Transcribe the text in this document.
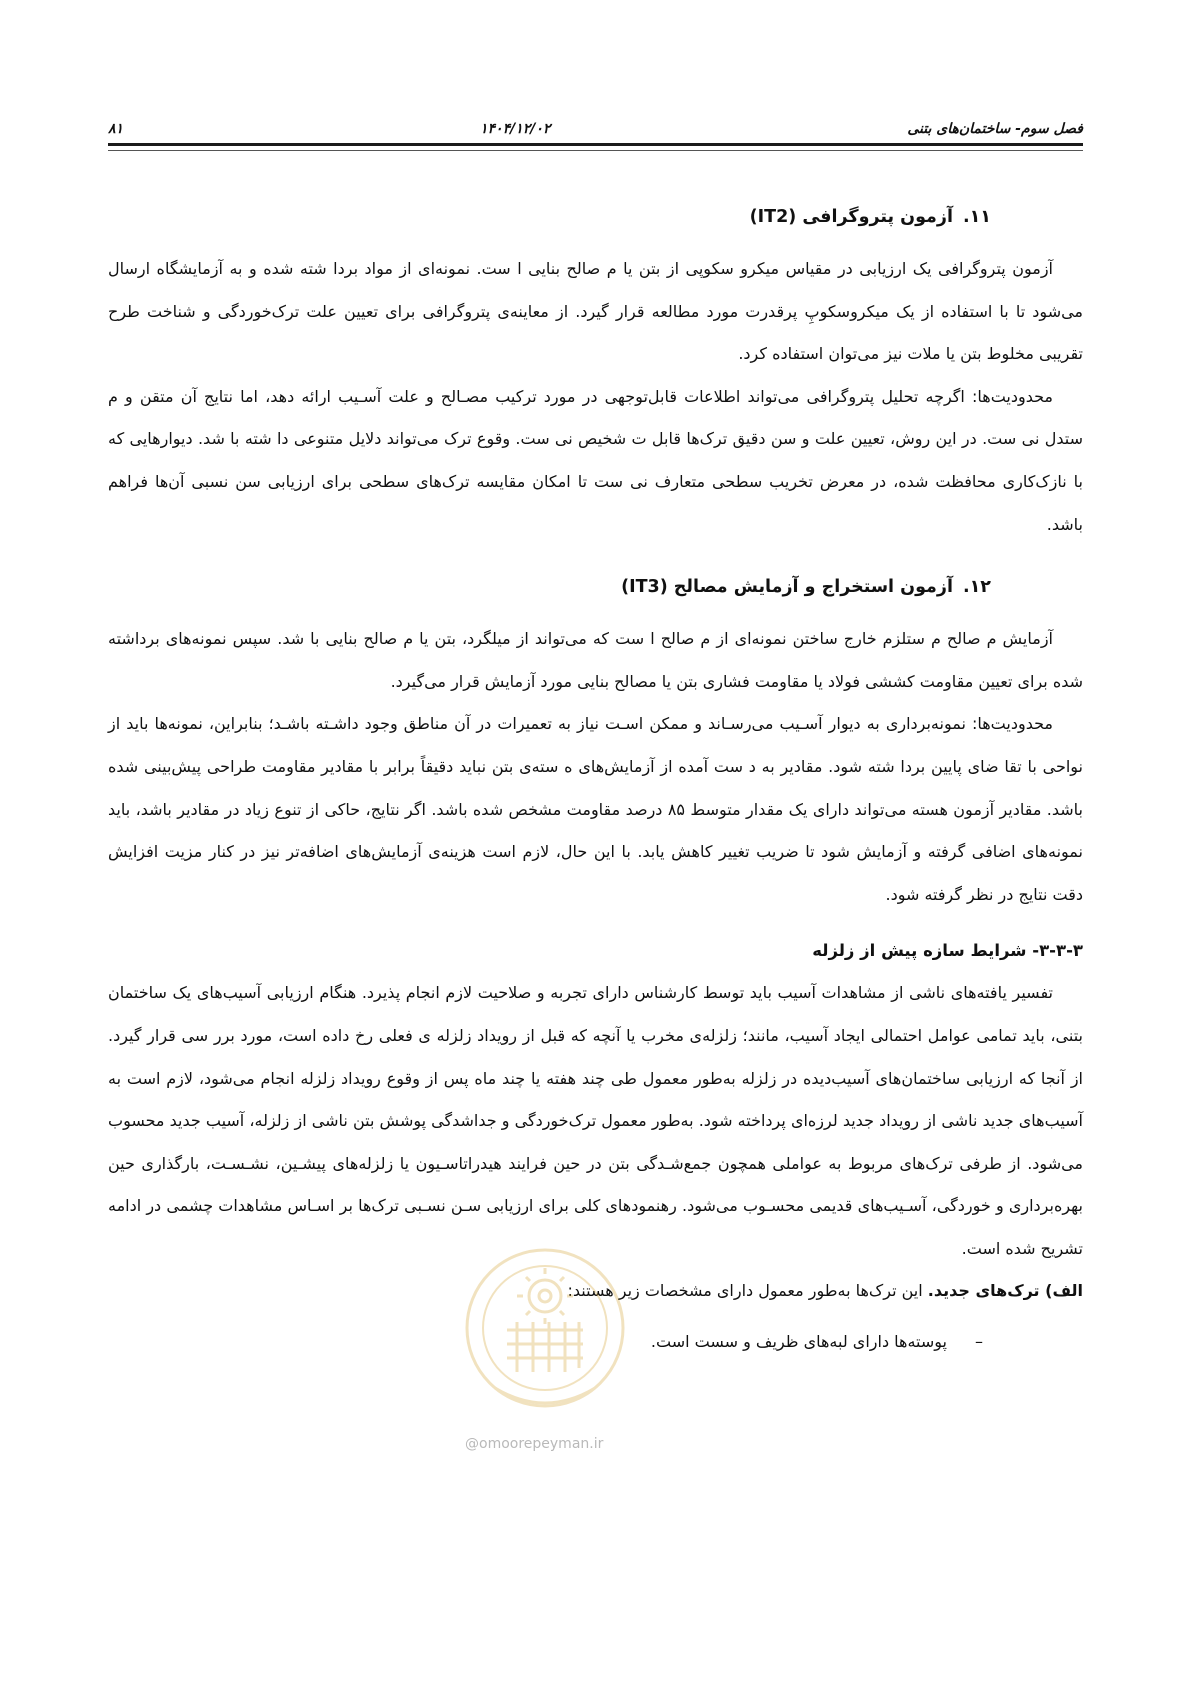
فصل سوم- ساختمان‌های بتنی
۱۴۰۴/۱۲/۰۲
۸۱
۱۱.آزمون پتروگرافی (IT2)

آزمون پتروگرافی یک ارزیابی در مقیاس میکرو سکوپی از بتن یا م صالح بنایی ا ست. نمونه‌ای از مواد بردا شته شده و به آزمایشگاه ارسال می‌شود تا با استفاده از یک میکروسکوپِ پرقدرت مورد مطالعه قرار گیرد. از معاینه‌ی پتروگرافی برای تعیین علت ترک‌خوردگی و شناخت طرح تقریبی مخلوط بتن یا ملات نیز می‌توان استفاده کرد.

محدودیت‌ها: اگرچه تحلیل پتروگرافی می‌تواند اطلاعات قابل‌توجهی در مورد ترکیب مصـالح و علت آسـیب ارائه دهد، اما نتایج آن متقن و م ستدل نی ست. در این روش، تعیین علت و سن دقیق ترک‌ها قابل ت شخیص نی ست. وقوع ترک می‌تواند دلایل متنوعی دا شته با شد. دیوارهایی که با نازک‌کاری محافظت شده، در معرض تخریب سطحی متعارف نی ست تا امکان مقایسه ترک‌های سطحی برای ارزیابی سن نسبی آن‌ها فراهم باشد.

۱۲.آزمون استخراج و آزمایش مصالح (IT3)

آزمایش م صالح م ستلزم خارج ساختن نمونه‌ای از م صالح ا ست که می‌تواند از میلگرد، بتن یا م صالح بنایی با شد. سپس نمونه‌های برداشته شده برای تعیین مقاومت کششی فولاد یا مقاومت فشاری بتن یا مصالح بنایی مورد آزمایش قرار می‌گیرد.

محدودیت‌ها: نمونه‌برداری به دیوار آسـیب می‌رسـاند و ممکن اسـت نیاز به تعمیرات در آن مناطق وجود داشـته باشـد؛ بنابراین، نمونه‌ها باید از نواحی با تقا ضای پایین بردا شته شود. مقادیر به د ست آمده از آزمایش‌های ه سته‌ی بتن نباید دقیقاً برابر با مقادیر مقاومت طراحی پیش‌بینی شده باشد. مقادیر آزمون هسته می‌تواند دارای یک مقدار متوسط ۸۵ درصد مقاومت مشخص شده باشد. اگر نتایج، حاکی از تنوع زیاد در مقادیر باشد، باید نمونه‌های اضافی گرفته و آزمایش شود تا ضریب تغییر کاهش یابد. با این حال، لازم است هزینه‌ی آزمایش‌های اضافه‌تر نیز در کنار مزیت افزایش دقت نتایج در نظر گرفته شود.

۳-۳-۳- شرایط سازه پیش از زلزله

تفسیر یافته‌های ناشی از مشاهدات آسیب باید توسط کارشناس دارای تجربه و صلاحیت لازم انجام پذیرد. هنگام ارزیابی آسیب‌های یک ساختمان بتنی، باید تمامی عوامل احتمالی ایجاد آسیب، مانند؛ زلزله‌ی مخرب یا آنچه که قبل از رویداد زلزله ی فعلی رخ داده است، مورد برر سی قرار گیرد. از آنجا که ارزیابی ساختمان‌های آسیب‌دیده در زلزله به‌طور معمول طی چند هفته یا چند ماه پس از وقوع رویداد زلزله انجام می‌شود، لازم است به آسیب‌های جدید ناشی از رویداد جدید لرزه‌ای پرداخته شود. به‌طور معمول ترک‌خوردگی و جداشدگی پوشش بتن ناشی از زلزله، آسیب جدید محسوب می‌شود. از طرفی ترک‌های مربوط به عواملی همچون جمع‌شـدگی بتن در حین فرایند هیدراتاسـیون یا زلزله‌های پیشـین، نشـسـت، بارگذاری حین بهره‌برداری و خوردگی، آسـیب‌های قدیمی محسـوب می‌شود. رهنمودهای کلی برای ارزیابی سـن نسـبی ترک‌ها بر اسـاس مشاهدات چشمی در ادامه تشریح شده است.

الف) ترک‌های جدید. این ترک‌ها به‌طور معمول دارای مشخصات زیر هستند:

–
پوسته‌ها دارای لبه‌های ظریف و سست است.
@omoorepeyman.ir
